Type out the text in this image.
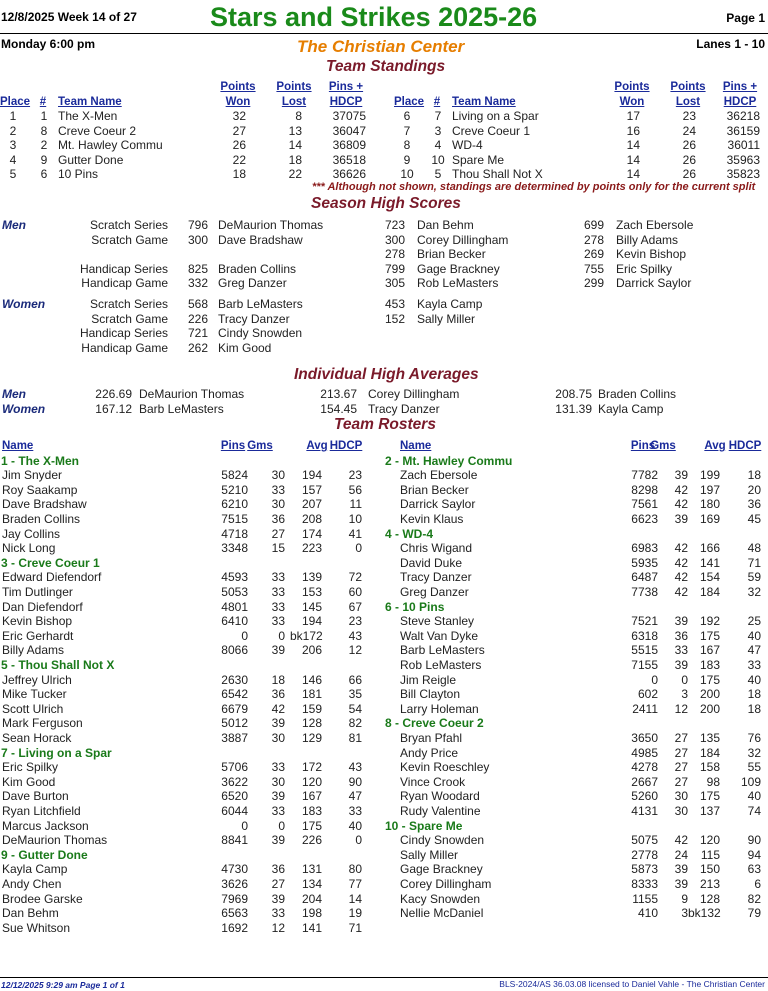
12/8/2025 Week 14 of 27	Stars and Strikes 2025-26	Page 1
Monday 6:00 pm	The Christian Center	Lanes 1 - 10
Team Standings
Points
Won
Points
Lost
Pins +
HDCP
Place # Team Name
1	1 The X-Men	32	8	37075
2	8 Creve Coeur 2	27	13	36047
3	2 Mt. Hawley Commu	26	14	36809
4	9 Gutter Done	22	18	36518
5	6 10 Pins	18	22	36626
Points
Won
Points
Lost
Pins +
HDCP
Place # Team Name
6	7 Living on a Spar	17	23	36218
7	3 Creve Coeur 1	16	24	36159
8	4 WD-4	14	26	36011
9	10 Spare Me	14	26	35963
10	5 Thou Shall Not X	14	26	35823
*** Although not shown, standings are determined by points only for the current split
Season High Scores
Men
Women
Scratch Series	796 DeMaurion Thomas	723 Dan Behm	699 Zach Ebersole
Scratch Game	300 Dave Bradshaw	300 Corey Dillingham	278 Billy Adams
278 Brian Becker	269 Kevin Bishop
Handicap Series	825 Braden Collins	799 Gage Brackney	755 Eric Spilky
Handicap Game	332 Greg Danzer	305 Rob LeMasters	299 Darrick Saylor
Scratch Series	568 Barb LeMasters	453 Kayla Camp
Scratch Game	226 Tracy Danzer	152 Sally Miller
Handicap Series	721 Cindy Snowden
Handicap Game	262 Kim Good
Individual High Averages
Men
Women
226.69 DeMaurion Thomas	213.67 Corey Dillingham	208.75 Braden Collins
167.12 Barb LeMasters	154.45 Tracy Danzer	131.39 Kayla Camp
Team Rosters
Name	Pins Gms	Avg HDCP
1 - The X-Men
Jim Snyder	5824	30	194	23
Roy Saakamp	5210	33	157	56
Dave Bradshaw	6210	30	207	11
Braden Collins	7515	36	208	10
Jay Collins	4718	27	174	41
Nick Long	3348	15	223	0
3 - Creve Coeur 1
Edward Diefendorf	4593	33	139	72
Tim Dutlinger	5053	33	153	60
Dan Diefendorf	4801	33	145	67
Kevin Bishop	6410	33	194	23
Eric Gerhardt	0	0 bk172	43
Billy Adams	8066	39	206	12
5 - Thou Shall Not X
Jeffrey Ulrich	2630	18	146	66
Mike Tucker	6542	36	181	35
Scott Ulrich	6679	42	159	54
Mark Ferguson	5012	39	128	82
Sean Horack	3887	30	129	81
7 - Living on a Spar
Eric Spilky	5706	33	172	43
Kim Good	3622	30	120	90
Dave Burton	6520	39	167	47
Ryan Litchfield	6044	33	183	33
Marcus Jackson	0	0	175	40
DeMaurion Thomas	8841	39	226	0
9 - Gutter Done
Kayla Camp	4730	36	131	80
Andy Chen	3626	27	134	77
Brodee Garske	7969	39	204	14
Dan Behm	6563	33	198	19
Sue Whitson	1692	12	141	71
Name	Pins
Gms	Avg HDCP
2 - Mt. Hawley Commu
Zach Ebersole	7782	39 199	18
Brian Becker	8298	42 197	20
Darrick Saylor	7561	42 180	36
Kevin Klaus	6623	39 169	45
4 - WD-4
Chris Wigand	6983	42 166	48
David Duke	5935	42 141	71
Tracy Danzer	6487	42 154	59
Greg Danzer	7738	42 184	32
6 - 10 Pins
Steve Stanley	7521	39 192	25
Walt Van Dyke	6318	36 175	40
Barb LeMasters	5515	33 167	47
Rob LeMasters	7155	39 183	33
Jim Reigle	0	0 175	40
Bill Clayton	602	3 200	18
Larry Holeman	2411	12 200	18
8 - Creve Coeur 2
Bryan Pfahl	3650	27 135	76
Andy Price	4985	27 184	32
Kevin Roeschley	4278	27 158	55
Vince Crook	2667	27	98	109
Ryan Woodard	5260	30 175	40
Rudy Valentine	4131	30 137	74
10 - Spare Me
Cindy Snowden	5075	42 120	90
Sally Miller	2778	24	115	94
Gage Brackney	5873	39 150	63
Corey Dillingham	8333	39 213	6
Kacy Snowden	1155	9 128	82
Nellie McDaniel	410	3 bk132	79
12/12/2025 9:29 am Page 1 of 1	BLS-2024/AS 36.03.08 licensed to Daniel Vahle - The Christian Center
